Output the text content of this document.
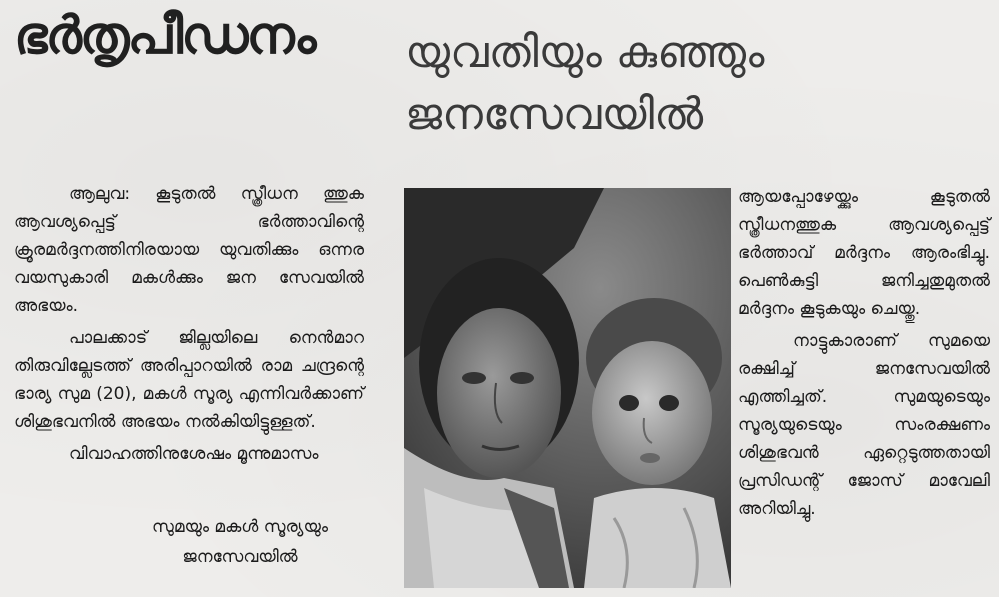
ഭർതൃപീഡനം	യുവതിയും കുഞ്ഞും
ജനസേവയിൽ

ആലുവ: കൂടുതൽ സ്ത്രീധന ത്തുക ആവശ്യപ്പെട്ട് ഭർത്താവിന്റെ ക്രൂരമർദ്ദനത്തിനിരയായ യുവതിക്കും ഒന്നര വയസുകാരി മകൾക്കും ജന സേവയിൽ അഭയം.

പാലക്കാട് ജില്ലയിലെ നെൻമാറ തിരുവില്ലേടത്ത് അരിപ്പാറയിൽ രാമ ചന്ദ്രന്റെ ഭാര്യ സുമ (20), മകൾ സൂര്യ എന്നിവർക്കാണ് ശിശുഭവനിൽ അഭയം നൽകിയിട്ടുള്ളത്.

വിവാഹത്തിനുശേഷം മൂന്നുമാസം

ആയപ്പോഴേയ്ക്കും കൂടുതൽ സ്ത്രീധനത്തുക ആവശ്യപ്പെട്ട് ഭർത്താവ് മർദ്ദനം ആരംഭിച്ചു. പെൺകുട്ടി ജനിച്ചതുമുതൽ മർദ്ദനം കൂടുകയും ചെയ്തു.

നാട്ടുകാരാണ് സുമയെ രക്ഷിച്ച് ജനസേവയിൽ എത്തിച്ചത്. സുമയുടെയും സൂര്യയുടെയും സംരക്ഷണം ശിശുഭവൻ ഏറ്റെടുത്തതായി പ്രസിഡന്റ് ജോസ് മാവേലി അറിയിച്ചു.

സുമയും മകൾ സൂര്യയും
ജനസേവയിൽ
